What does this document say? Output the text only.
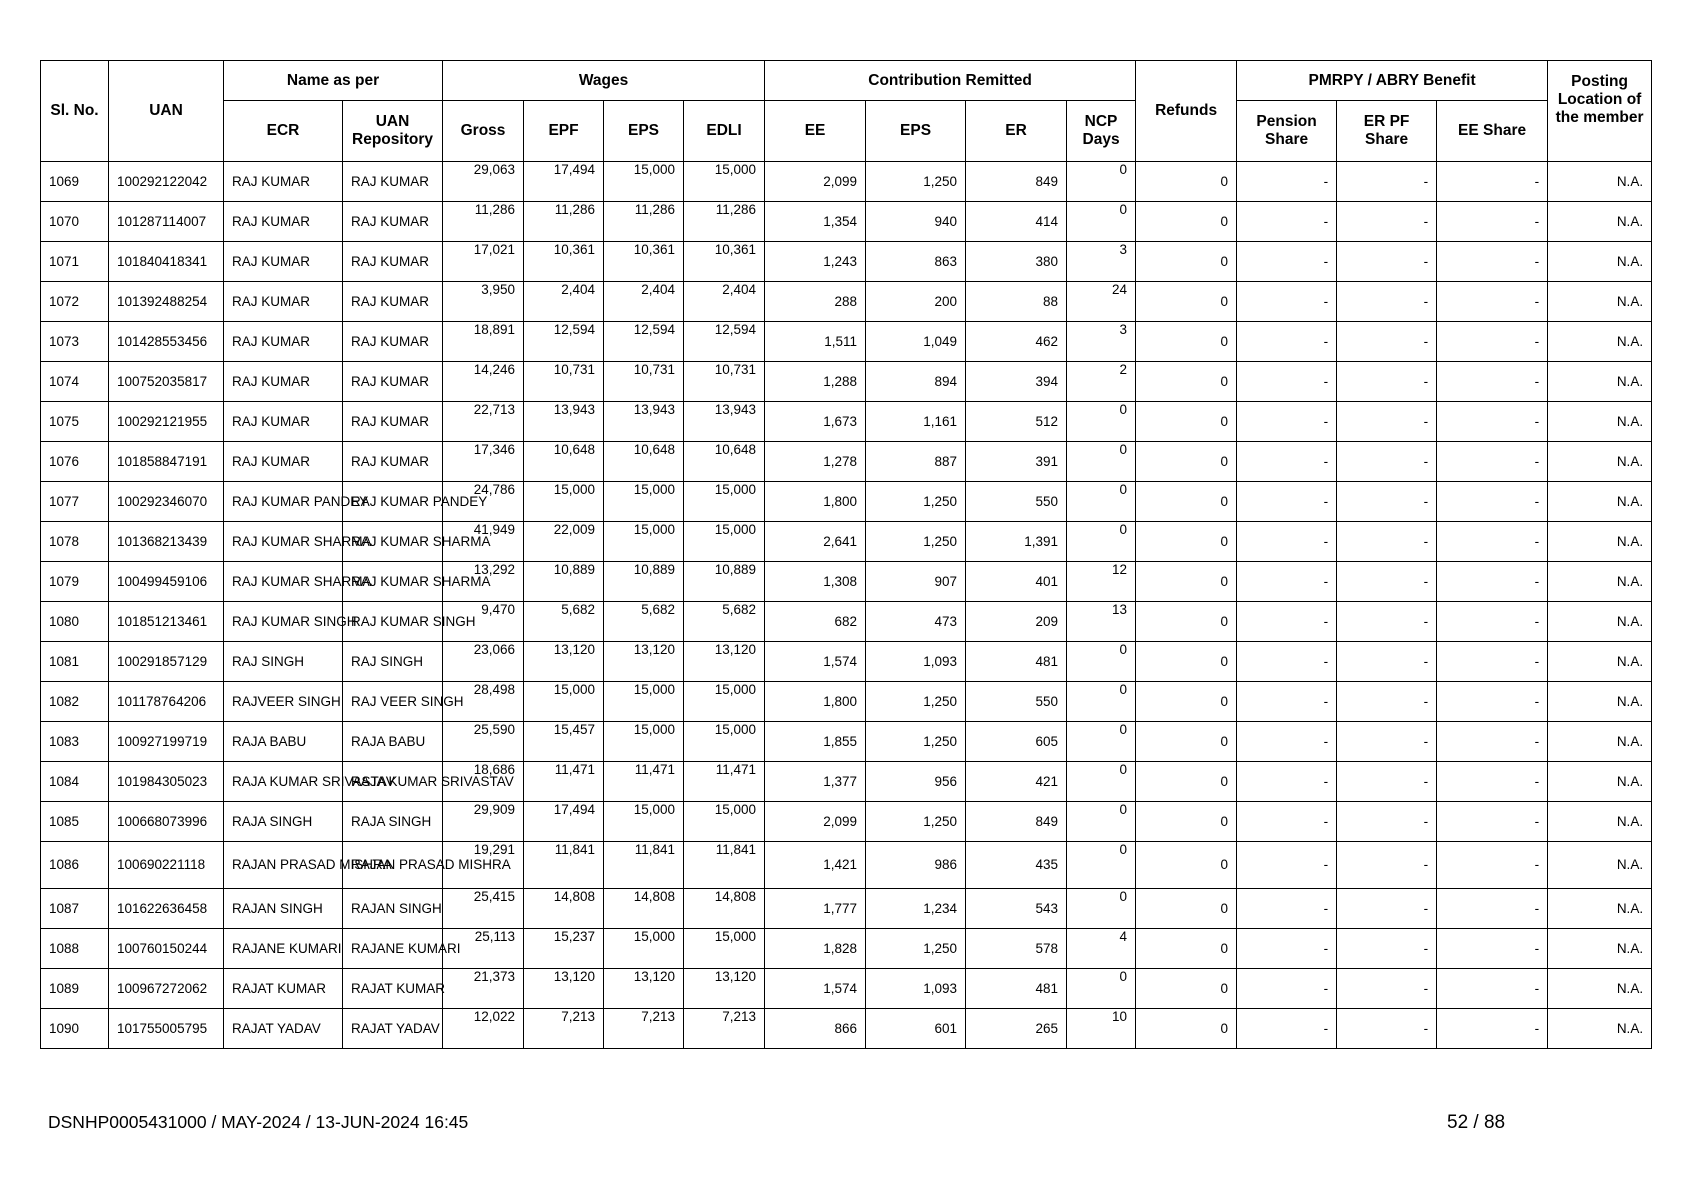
Sl. No.	UAN	Name as per		Wages				Contribution Remitted				Refunds	PMRPY / ABRY Benefit			Posting Location of the member
		ECR	UAN Repository	Gross	EPF	EPS	EDLI	EE	EPS	ER	NCP Days		Pension Share	ER PF Share	EE Share	
1069	100292122042	RAJ KUMAR	RAJ KUMAR	29,063	17,494	15,000	15,000	2,099	1,250	849	0	0	-	-	-	N.A.
1070	101287114007	RAJ KUMAR	RAJ KUMAR	11,286	11,286	11,286	11,286	1,354	940	414	0	0	-	-	-	N.A.
1071	101840418341	RAJ KUMAR	RAJ KUMAR	17,021	10,361	10,361	10,361	1,243	863	380	3	0	-	-	-	N.A.
1072	101392488254	RAJ KUMAR	RAJ KUMAR	3,950	2,404	2,404	2,404	288	200	88	24	0	-	-	-	N.A.
1073	101428553456	RAJ KUMAR	RAJ KUMAR	18,891	12,594	12,594	12,594	1,511	1,049	462	3	0	-	-	-	N.A.
1074	100752035817	RAJ KUMAR	RAJ KUMAR	14,246	10,731	10,731	10,731	1,288	894	394	2	0	-	-	-	N.A.
1075	100292121955	RAJ KUMAR	RAJ KUMAR	22,713	13,943	13,943	13,943	1,673	1,161	512	0	0	-	-	-	N.A.
1076	101858847191	RAJ KUMAR	RAJ KUMAR	17,346	10,648	10,648	10,648	1,278	887	391	0	0	-	-	-	N.A.
1077	100292346070	RAJ KUMAR PANDEY	RAJ KUMAR PANDEY	24,786	15,000	15,000	15,000	1,800	1,250	550	0	0	-	-	-	N.A.
1078	101368213439	RAJ KUMAR SHARMA	RAJ KUMAR SHARMA	41,949	22,009	15,000	15,000	2,641	1,250	1,391	0	0	-	-	-	N.A.
1079	100499459106	RAJ KUMAR SHARMA	RAJ KUMAR SHARMA	13,292	10,889	10,889	10,889	1,308	907	401	12	0	-	-	-	N.A.
1080	101851213461	RAJ KUMAR SINGH	RAJ KUMAR SINGH	9,470	5,682	5,682	5,682	682	473	209	13	0	-	-	-	N.A.
1081	100291857129	RAJ SINGH	RAJ SINGH	23,066	13,120	13,120	13,120	1,574	1,093	481	0	0	-	-	-	N.A.
1082	101178764206	RAJVEER SINGH	RAJ VEER SINGH	28,498	15,000	15,000	15,000	1,800	1,250	550	0	0	-	-	-	N.A.
1083	100927199719	RAJA BABU	RAJA BABU	25,590	15,457	15,000	15,000	1,855	1,250	605	0	0	-	-	-	N.A.
1084	101984305023	RAJA KUMAR SRIVASTAV	RAJA KUMAR SRIVASTAV	18,686	11,471	11,471	11,471	1,377	956	421	0	0	-	-	-	N.A.
1085	100668073996	RAJA SINGH	RAJA SINGH	29,909	17,494	15,000	15,000	2,099	1,250	849	0	0	-	-	-	N.A.
1086	100690221118	RAJAN PRASAD MISHRA	RAJAN PRASAD MISHRA	19,291	11,841	11,841	11,841	1,421	986	435	0	0	-	-	-	N.A.
1087	101622636458	RAJAN SINGH	RAJAN SINGH	25,415	14,808	14,808	14,808	1,777	1,234	543	0	0	-	-	-	N.A.
1088	100760150244	RAJANE KUMARI	RAJANE KUMARI	25,113	15,237	15,000	15,000	1,828	1,250	578	4	0	-	-	-	N.A.
1089	100967272062	RAJAT KUMAR	RAJAT KUMAR	21,373	13,120	13,120	13,120	1,574	1,093	481	0	0	-	-	-	N.A.
1090	101755005795	RAJAT YADAV	RAJAT YADAV	12,022	7,213	7,213	7,213	866	601	265	10	0	-	-	-	N.A.
DSNHP0005431000 / MAY-2024 / 13-JUN-2024 16:45	52 / 88
